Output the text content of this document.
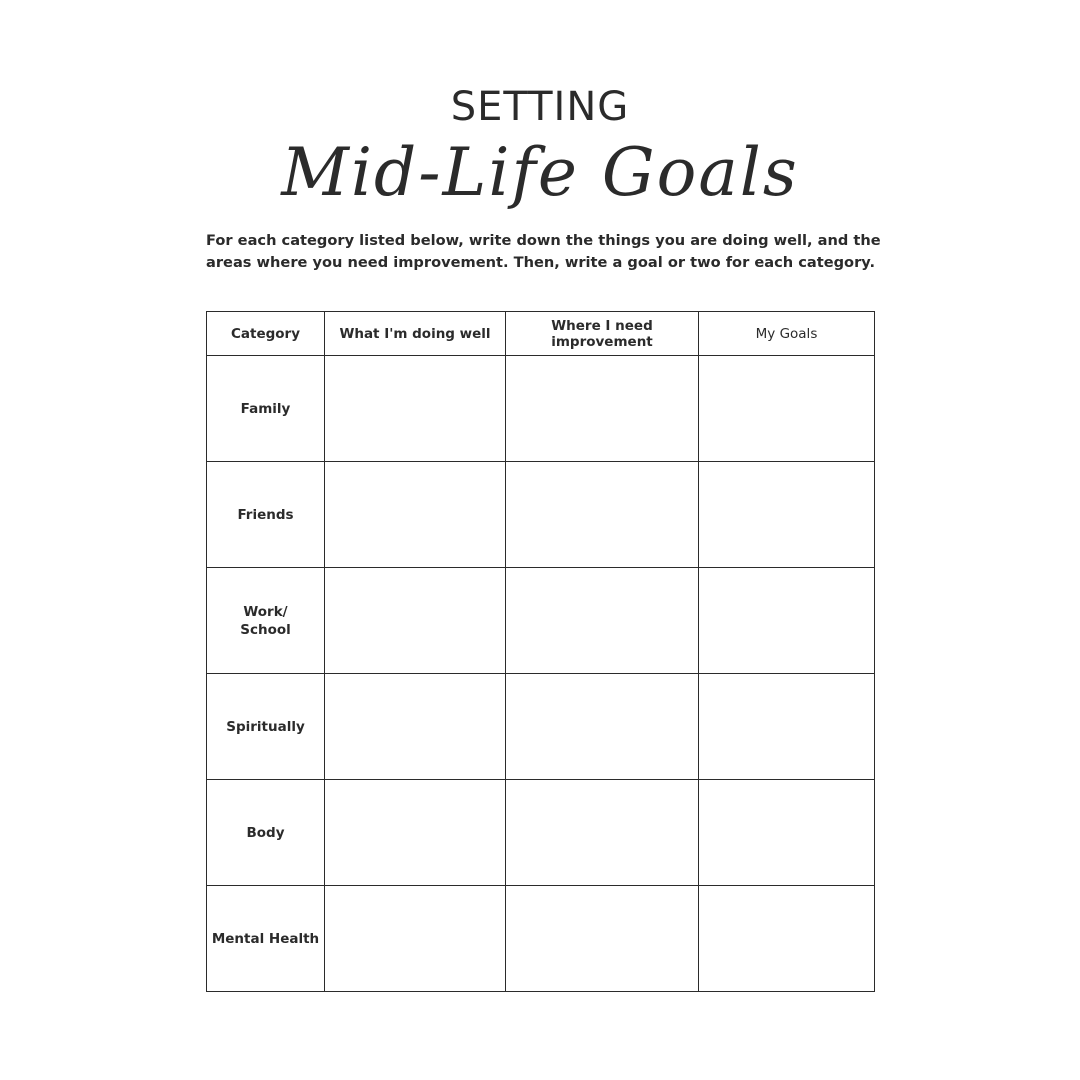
SETTING
Mid-Life Goals
For each category listed below, write down the things you are doing well, and the areas where you need improvement. Then, write a goal or two for each category.
Category	What I'm doing well	Where I need improvement	My Goals
Family			
Friends			
Work/ School			
Spiritually			
Body			
Mental Health			
